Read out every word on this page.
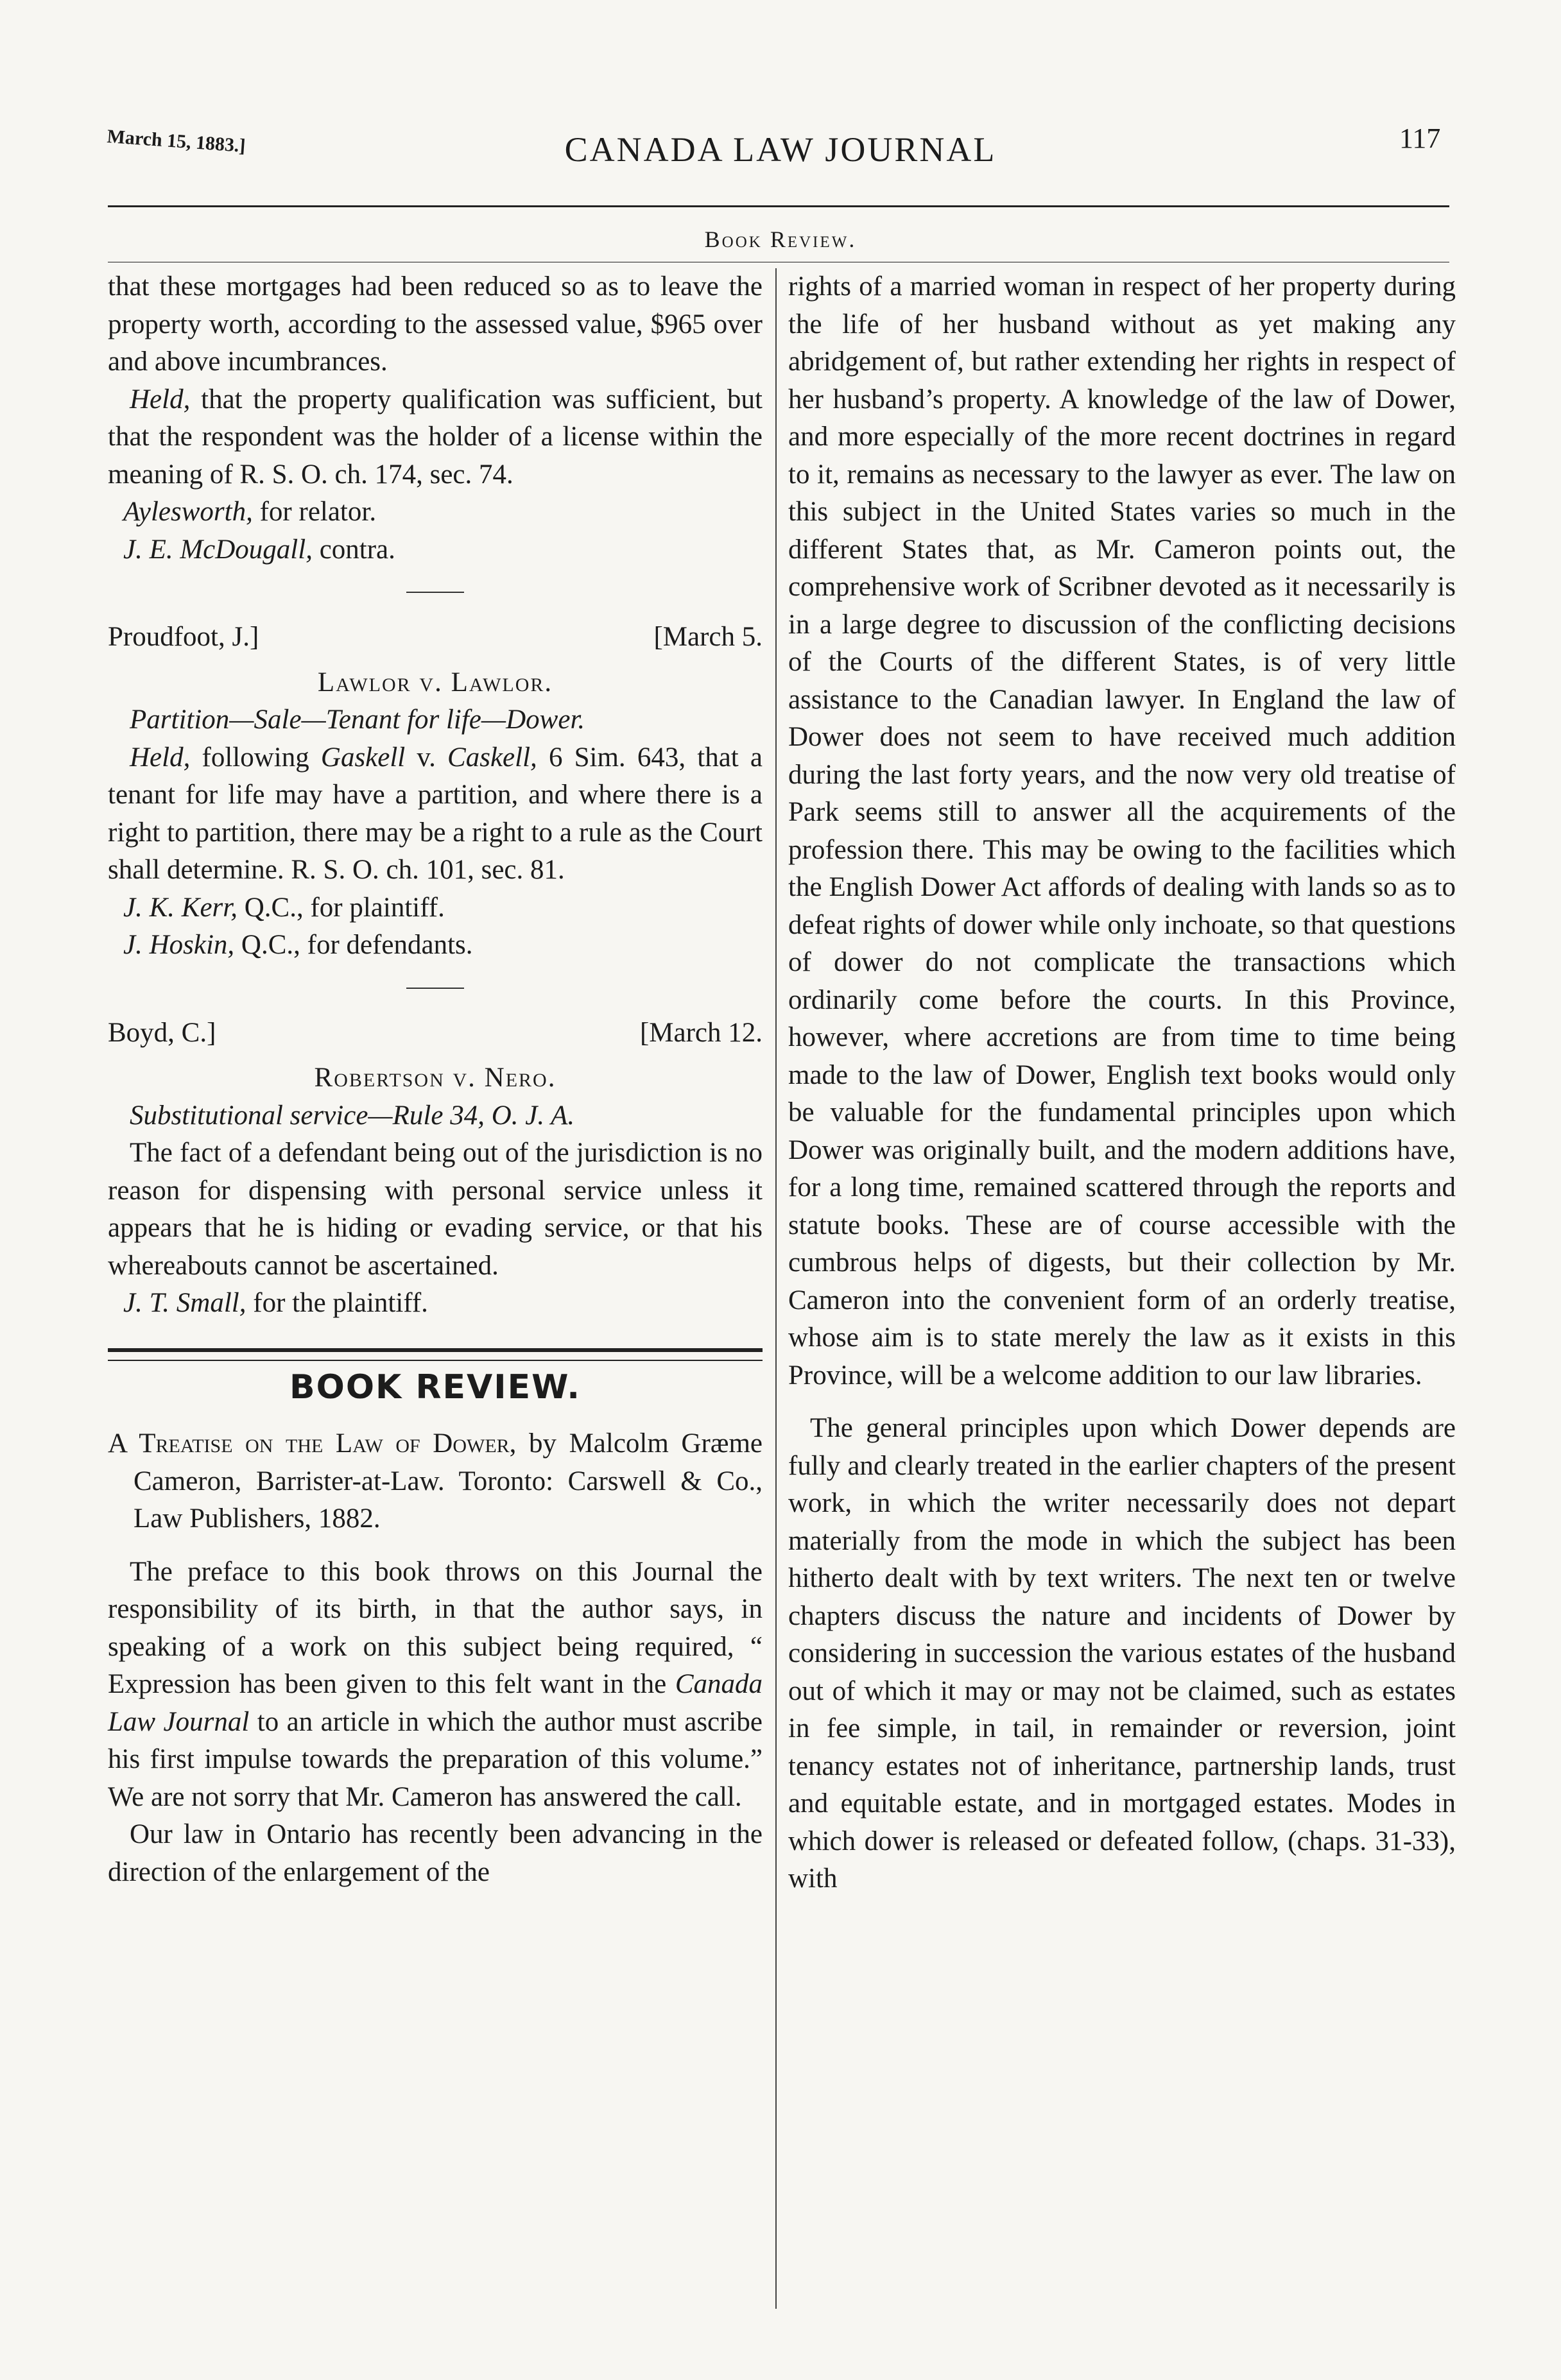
March 15, 1883.]	CANADA LAW JOURNAL	117
Book Review.

that these mortgages had been reduced so as to leave the property worth, according to the assessed value, $965 over and above incumbrances.

Held, that the property qualification was sufficient, but that the respondent was the holder of a license within the meaning of R. S. O. ch. 174, sec. 74.

Aylesworth, for relator.

J. E. McDougall, contra.

Proudfoot, J.]	[March 5.

Lawlor v. Lawlor.

Partition—Sale—Tenant for life—Dower.

Held, following Gaskell v. Caskell, 6 Sim. 643, that a tenant for life may have a partition, and where there is a right to partition, there may be a right to a rule as the Court shall determine. R. S. O. ch. 101, sec. 81.

J. K. Kerr, Q.C., for plaintiff.

J. Hoskin, Q.C., for defendants.

Boyd, C.]	[March 12.

Robertson v. Nero.

Substitutional service—Rule 34, O. J. A.

The fact of a defendant being out of the jurisdiction is no reason for dispensing with personal service unless it appears that he is hiding or evading service, or that his whereabouts cannot be ascertained.

J. T. Small, for the plaintiff.

BOOK REVIEW.

A Treatise on the Law of Dower, by Malcolm Græme Cameron, Barrister-at-Law. Toronto: Carswell & Co., Law Publishers, 1882.

The preface to this book throws on this Journal the responsibility of its birth, in that the author says, in speaking of a work on this subject being required, “ Expression has been given to this felt want in the Canada Law Journal to an article in which the author must ascribe his first impulse towards the preparation of this volume.” We are not sorry that Mr. Cameron has answered the call.

Our law in Ontario has recently been advancing in the direction of the enlargement of the

rights of a married woman in respect of her property during the life of her husband without as yet making any abridgement of, but rather extending her rights in respect of her husband’s property. A knowledge of the law of Dower, and more especially of the more recent doctrines in regard to it, remains as necessary to the lawyer as ever. The law on this subject in the United States varies so much in the different States that, as Mr. Cameron points out, the comprehensive work of Scribner devoted as it necessarily is in a large degree to discussion of the conflicting decisions of the Courts of the different States, is of very little assistance to the Canadian lawyer. In England the law of Dower does not seem to have received much addition during the last forty years, and the now very old treatise of Park seems still to answer all the acquirements of the profession there. This may be owing to the facilities which the English Dower Act affords of dealing with lands so as to defeat rights of dower while only inchoate, so that questions of dower do not complicate the transactions which ordinarily come before the courts. In this Province, however, where accretions are from time to time being made to the law of Dower, English text books would only be valuable for the fundamental principles upon which Dower was originally built, and the modern additions have, for a long time, remained scattered through the reports and statute books. These are of course accessible with the cumbrous helps of digests, but their collection by Mr. Cameron into the convenient form of an orderly treatise, whose aim is to state merely the law as it exists in this Province, will be a welcome addition to our law libraries.

The general principles upon which Dower depends are fully and clearly treated in the earlier chapters of the present work, in which the writer necessarily does not depart materially from the mode in which the subject has been hitherto dealt with by text writers. The next ten or twelve chapters discuss the nature and incidents of Dower by considering in succession the various estates of the husband out of which it may or may not be claimed, such as estates in fee simple, in tail, in remainder or reversion, joint tenancy estates not of inheritance, partnership lands, trust and equitable estate, and in mortgaged estates. Modes in which dower is released or defeated follow, (chaps. 31-33), with
